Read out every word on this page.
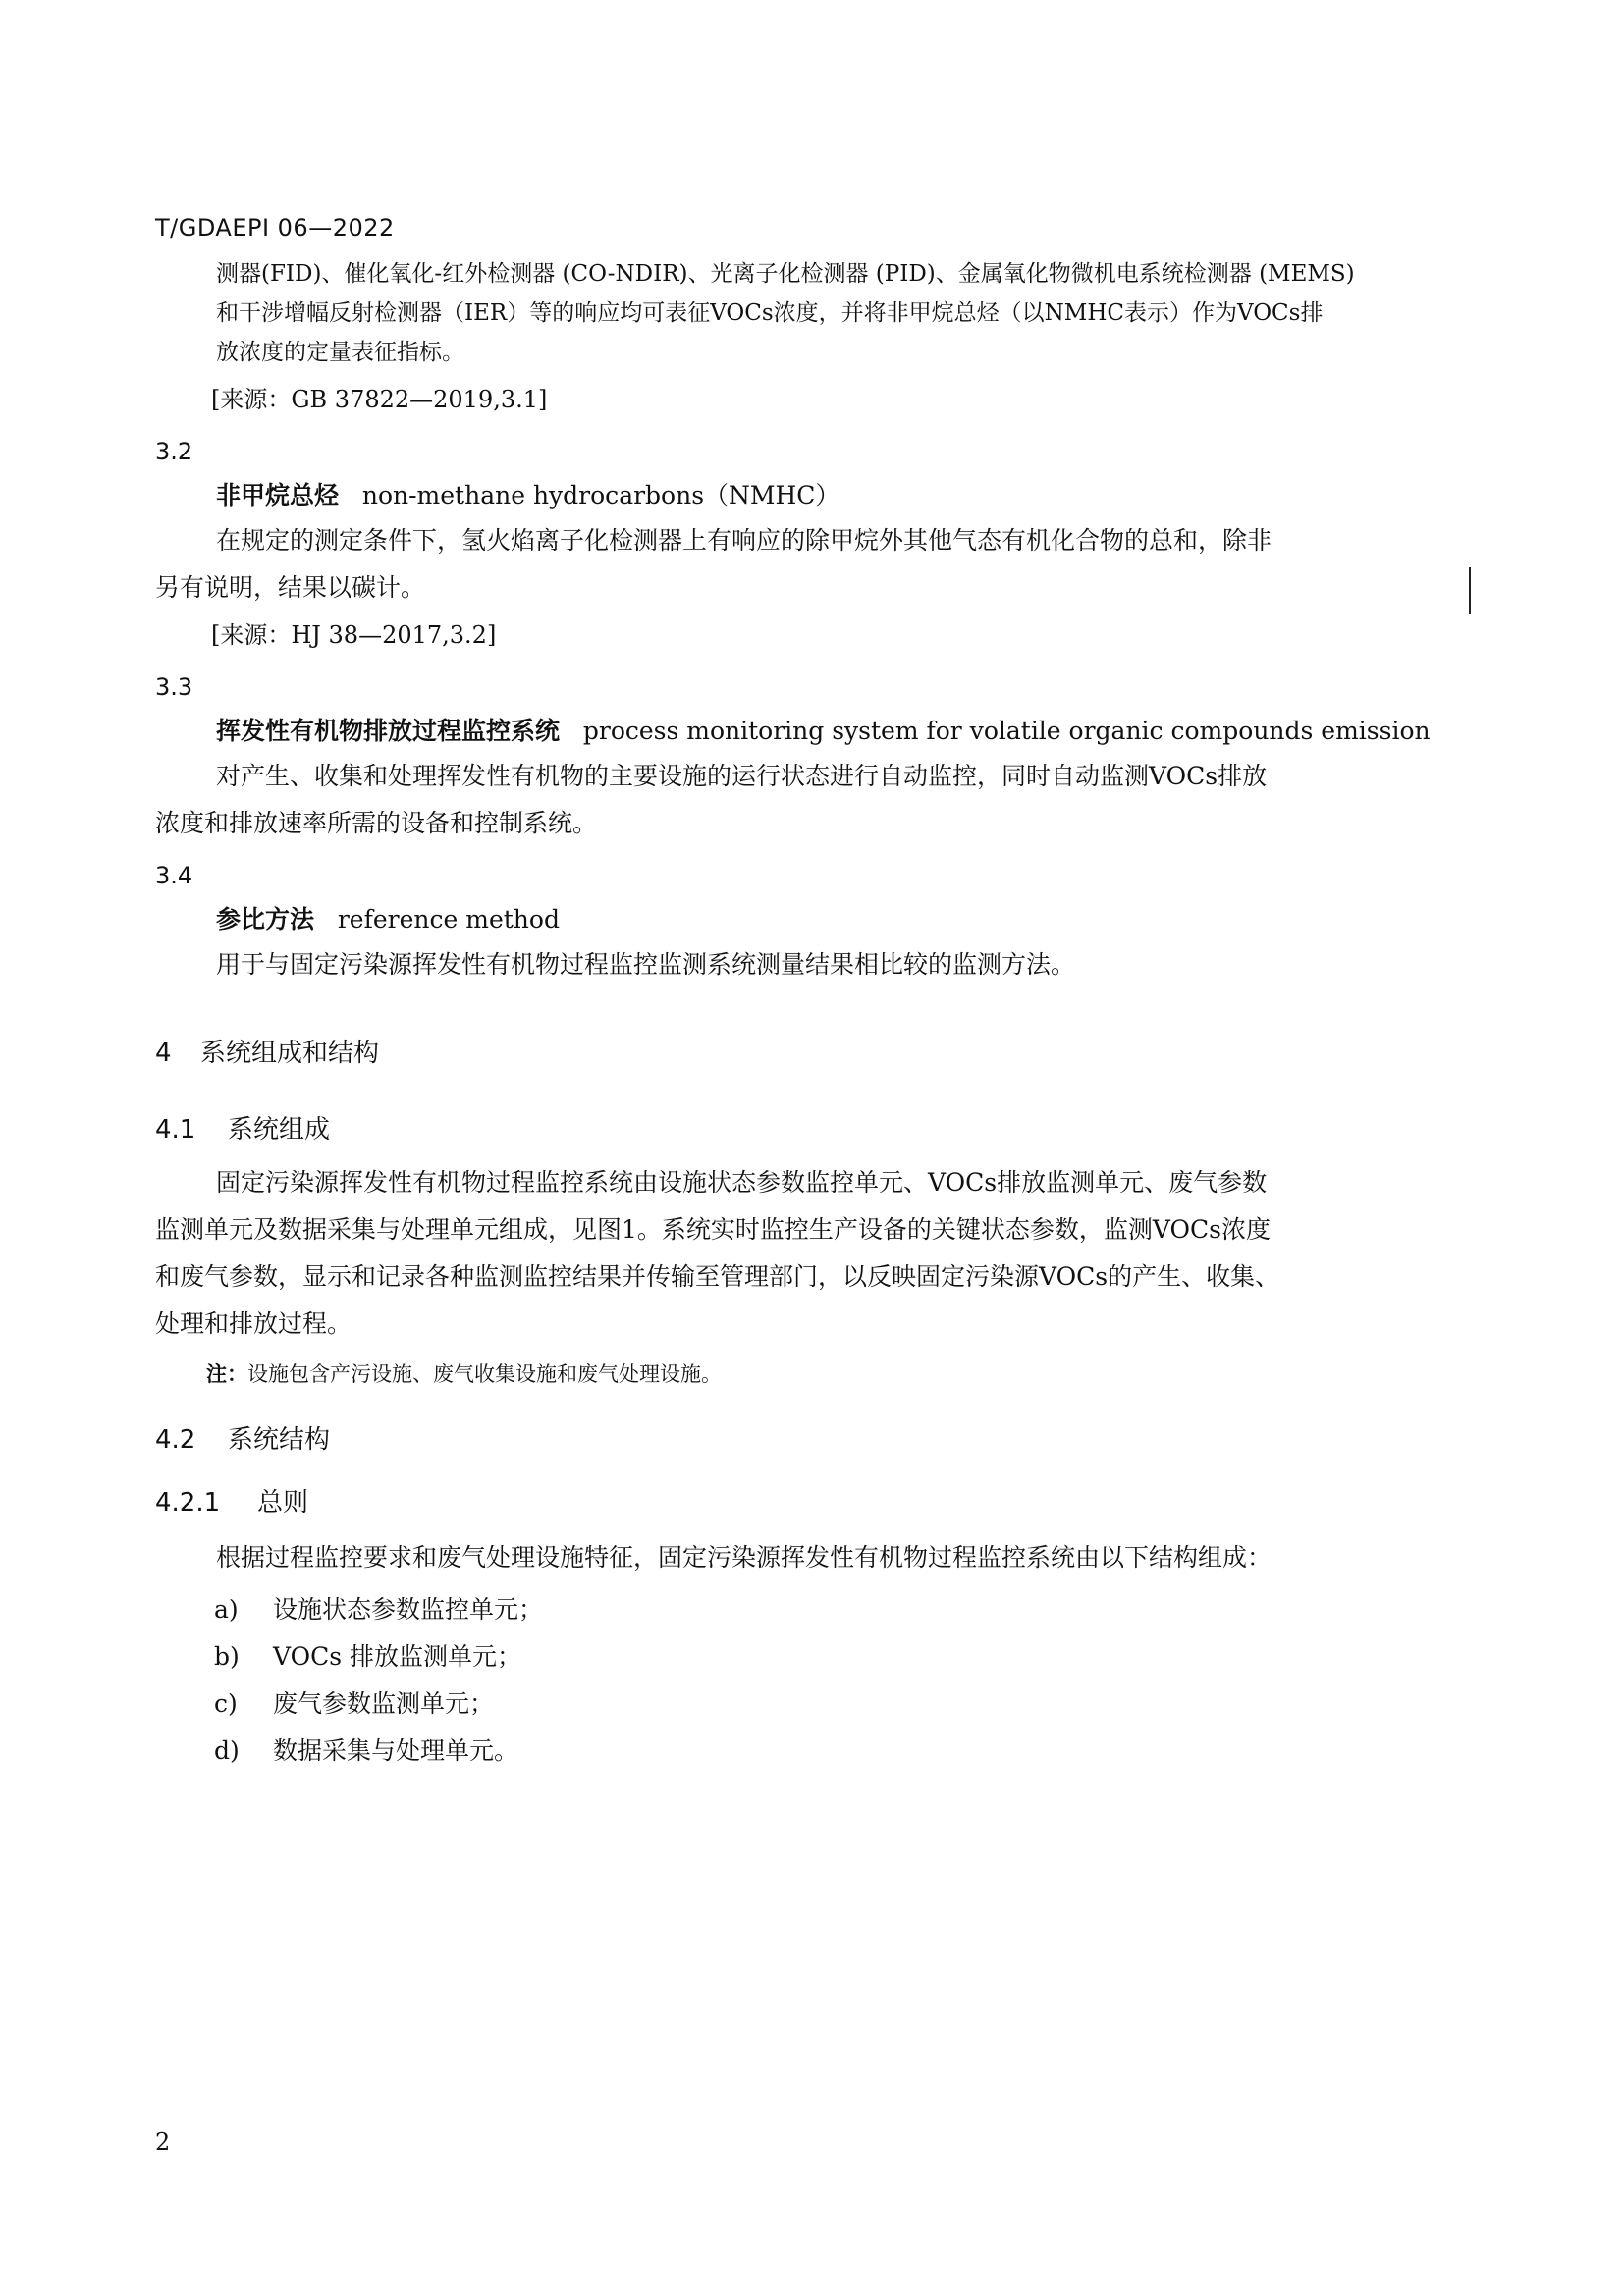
T/GDAEPI 06—2022
测器(FID)、催化氧化-红外检测器 (CO-NDIR)、光离子化检测器 (PID)、金属氧化物微机电系统检测器 (MEMS)
和干涉增幅反射检测器（IER）等的响应均可表征VOCs浓度，并将非甲烷总烃（以NMHC表示）作为VOCs排
放浓度的定量表征指标。
[来源：GB 37822—2019,3.1]
3.2
非甲烷总烃 non-methane hydrocarbons（NMHC）
在规定的测定条件下，氢火焰离子化检测器上有响应的除甲烷外其他气态有机化合物的总和，除非
另有说明，结果以碳计。
[来源：HJ 38—2017,3.2]
3.3
挥发性有机物排放过程监控系统 process monitoring system for volatile organic compounds emission
对产生、收集和处理挥发性有机物的主要设施的运行状态进行自动监控，同时自动监测VOCs排放
浓度和排放速率所需的设备和控制系统。
3.4
参比方法 reference method
用于与固定污染源挥发性有机物过程监控监测系统测量结果相比较的监测方法。
4 系统组成和结构
4.1 系统组成
固定污染源挥发性有机物过程监控系统由设施状态参数监控单元、VOCs排放监测单元、废气参数
监测单元及数据采集与处理单元组成，见图1。系统实时监控生产设备的关键状态参数，监测VOCs浓度
和废气参数，显示和记录各种监测监控结果并传输至管理部门，以反映固定污染源VOCs的产生、收集、
处理和排放过程。
注：设施包含产污设施、废气收集设施和废气处理设施。
4.2 系统结构
4.2.1 总则
根据过程监控要求和废气处理设施特征，固定污染源挥发性有机物过程监控系统由以下结构组成：
a) 设施状态参数监控单元；
b) VOCs 排放监测单元；
c) 废气参数监测单元；
d) 数据采集与处理单元。
2
